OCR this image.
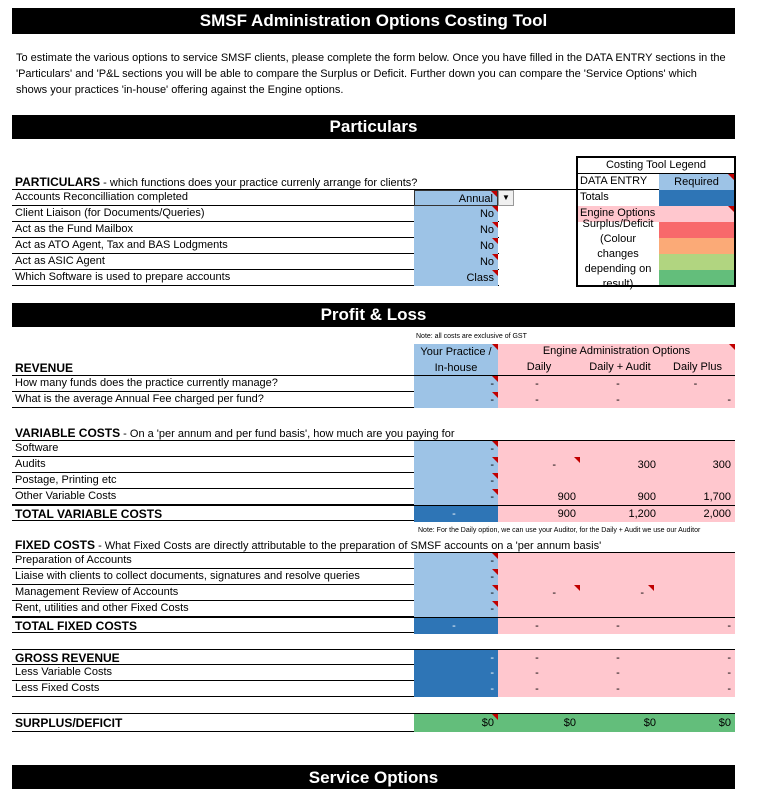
SMSF Administration Options Costing Tool
To estimate the various options to service SMSF clients, please complete the form below. Once you have filled in the DATA ENTRY sections in the 'Particulars' and 'P&L sections you will be able to compare the Surplus or Deficit. Further down you can compare the 'Service Options' which shows your practices 'in-house' offering against the Engine options.
Particulars
PARTICULARS - which functions does your practice currenly arrange for clients?
Accounts Reconcilliation completed	Annual	▼
Client Liaison (for Documents/Queries)	No
Act as the Fund Mailbox	No
Act as ATO Agent, Tax and BAS Lodgments	No
Act as ASIC Agent	No
Which Software is used to prepare accounts	Class
Costing Tool Legend
DATA ENTRY	Required
Totals
Engine Options
Surplus/Deficit (Colour changes depending on result)
Profit & Loss
Note: all costs are exclusive of GST
Your Practice /
In-house
Engine Administration Options
Daily	Daily + Audit	Daily Plus
REVENUE
How many funds does the practice currently manage?	-	-	-	-
What is the average Annual Fee charged per fund?	-	-	-	-
VARIABLE COSTS - On a 'per annum and per fund basis', how much are you paying for
Software	-
Audits	-	-	300	300
Postage, Printing etc	-
Other Variable Costs	-	900	900	1,700
TOTAL VARIABLE COSTS	-	900	1,200	2,000
Note: For the Daily option, we can use your Auditor, for the Daily + Audit we use our Auditor
FIXED COSTS - What Fixed Costs are directly attributable to the preparation of SMSF accounts on a 'per annum basis'
Preparation of Accounts	-
Liaise with clients to collect documents, signatures and resolve queries	-
Management Review of Accounts	-	-	-
Rent, utilities and other Fixed Costs	-
TOTAL FIXED COSTS	-	-	-	-
GROSS REVENUE	-	-	-	-
Less Variable Costs	-	-	-	-
Less Fixed Costs	-	-	-	-
SURPLUS/DEFICIT	$0	$0	$0	$0
Service Options
